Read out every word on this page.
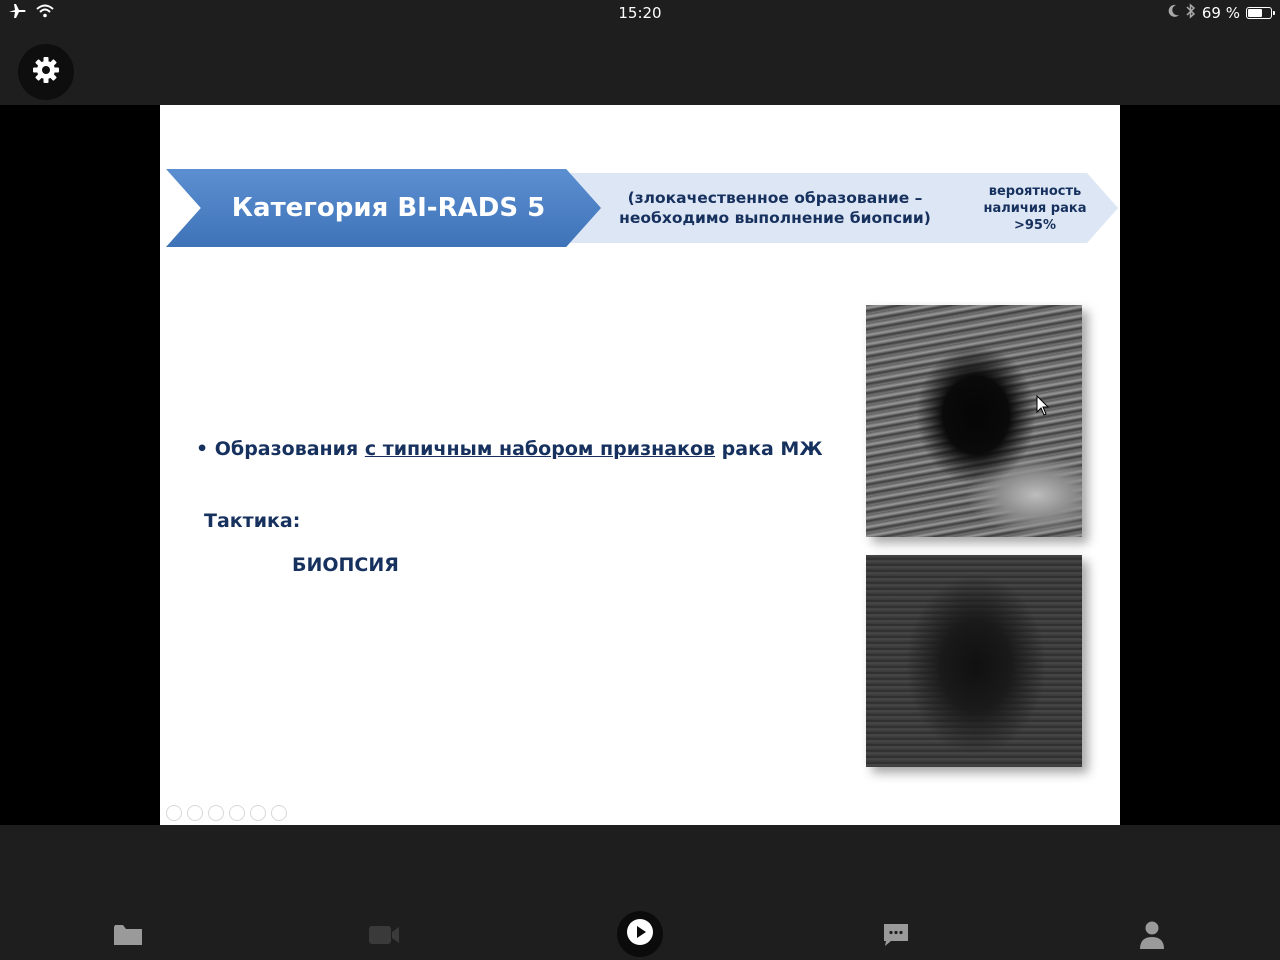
15:20	69 %
(злокачественное образование –
необходимо выполнение биопсии)
вероятность
наличия рака
>95%
Категория BI-RADS 5
• Образования с типичным набором признаков рака МЖ
Тактика:
БИОПСИЯ
